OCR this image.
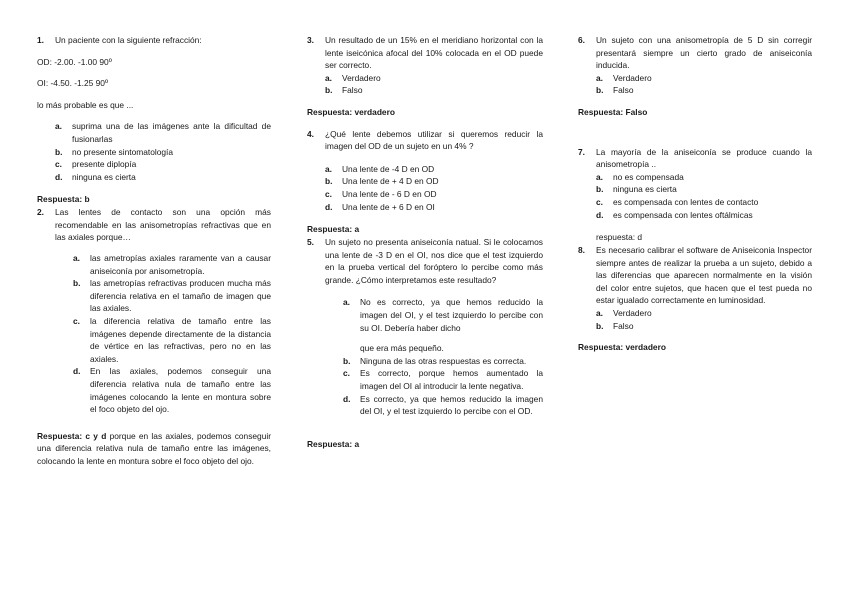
1. Un paciente con la siguiente refracción:

OD: -2.00. -1.00 90º

OI: -4.50. -1.25 90º

lo más probable es que ...

a. suprima una de las imágenes ante la dificultad de fusionarlas
b. no presente sintomatología
c. presente diplopía
d. ninguna es cierta

Respuesta: b

2. Las lentes de contacto son una opción más recomendable en las anisometropías refractivas que en las axiales porque…

a. las ametropías axiales raramente van a causar aniseiconía por anisometropía.
b. las ametropías refractivas producen mucha más diferencia relativa en el tamaño de imagen que las axiales.
c. la diferencia relativa de tamaño entre las imágenes depende directamente de la distancia de vértice en las refractivas, pero no en las axiales.
d. En las axiales, podemos conseguir una diferencia relativa nula de tamaño entre las imágenes colocando la lente en montura sobre el foco objeto del ojo.

Respuesta: c y d porque en las axiales, podemos conseguir una diferencia relativa nula de tamaño entre las imágenes, colocando la lente en montura sobre el foco objeto del ojo.

3. Un resultado de un 15% en el meridiano horizontal con la lente iseicónica afocal del 10% colocada en el OD puede ser correcto.

a. Verdadero
b. Falso

Respuesta: verdadero

4. ¿Qué lente debemos utilizar si queremos reducir la imagen del OD de un sujeto en un 4% ?

a. Una lente de -4 D en OD
b. Una lente de + 4 D en OD
c. Una lente de - 6 D en OD
d. Una lente de + 6 D en OI

Respuesta: a

5. Un sujeto no presenta aniseiconía natual. Si le colocamos una lente de -3 D en el OI, nos dice que el test izquierdo en la prueba vertical del foróptero lo percibe como más grande. ¿Cómo interpretamos este resultado?

a. No es correcto, ya que hemos reducido la imagen del OI, y el test izquierdo lo percibe con su OI. Debería haber dicho
que era más pequeño.
b. Ninguna de las otras respuestas es correcta.
c. Es correcto, porque hemos aumentado la imagen del OI al introducir la lente negativa.
d. Es correcto, ya que hemos reducido la imagen del OI, y el test izquierdo lo percibe con el OD.

Respuesta: a

6. Un sujeto con una anisometropía de 5 D sin corregir presentará siempre un cierto grado de aniseiconía inducida.

a. Verdadero
b. Falso

Respuesta: Falso

7. La mayoría de la aniseiconía se produce cuando la anisometropía ..

a. no es compensada
b. ninguna es cierta
c. es compensada con lentes de contacto
d. es compensada con lentes oftálmicas

respuesta: d

8. Es necesario calibrar el software de Aniseiconia Inspector siempre antes de realizar la prueba a un sujeto, debido a las diferencias que aparecen normalmente en la visión del color entre sujetos, que hacen que el test pueda no estar igualado correctamente en luminosidad.

a. Verdadero
b. Falso

Respuesta: verdadero
